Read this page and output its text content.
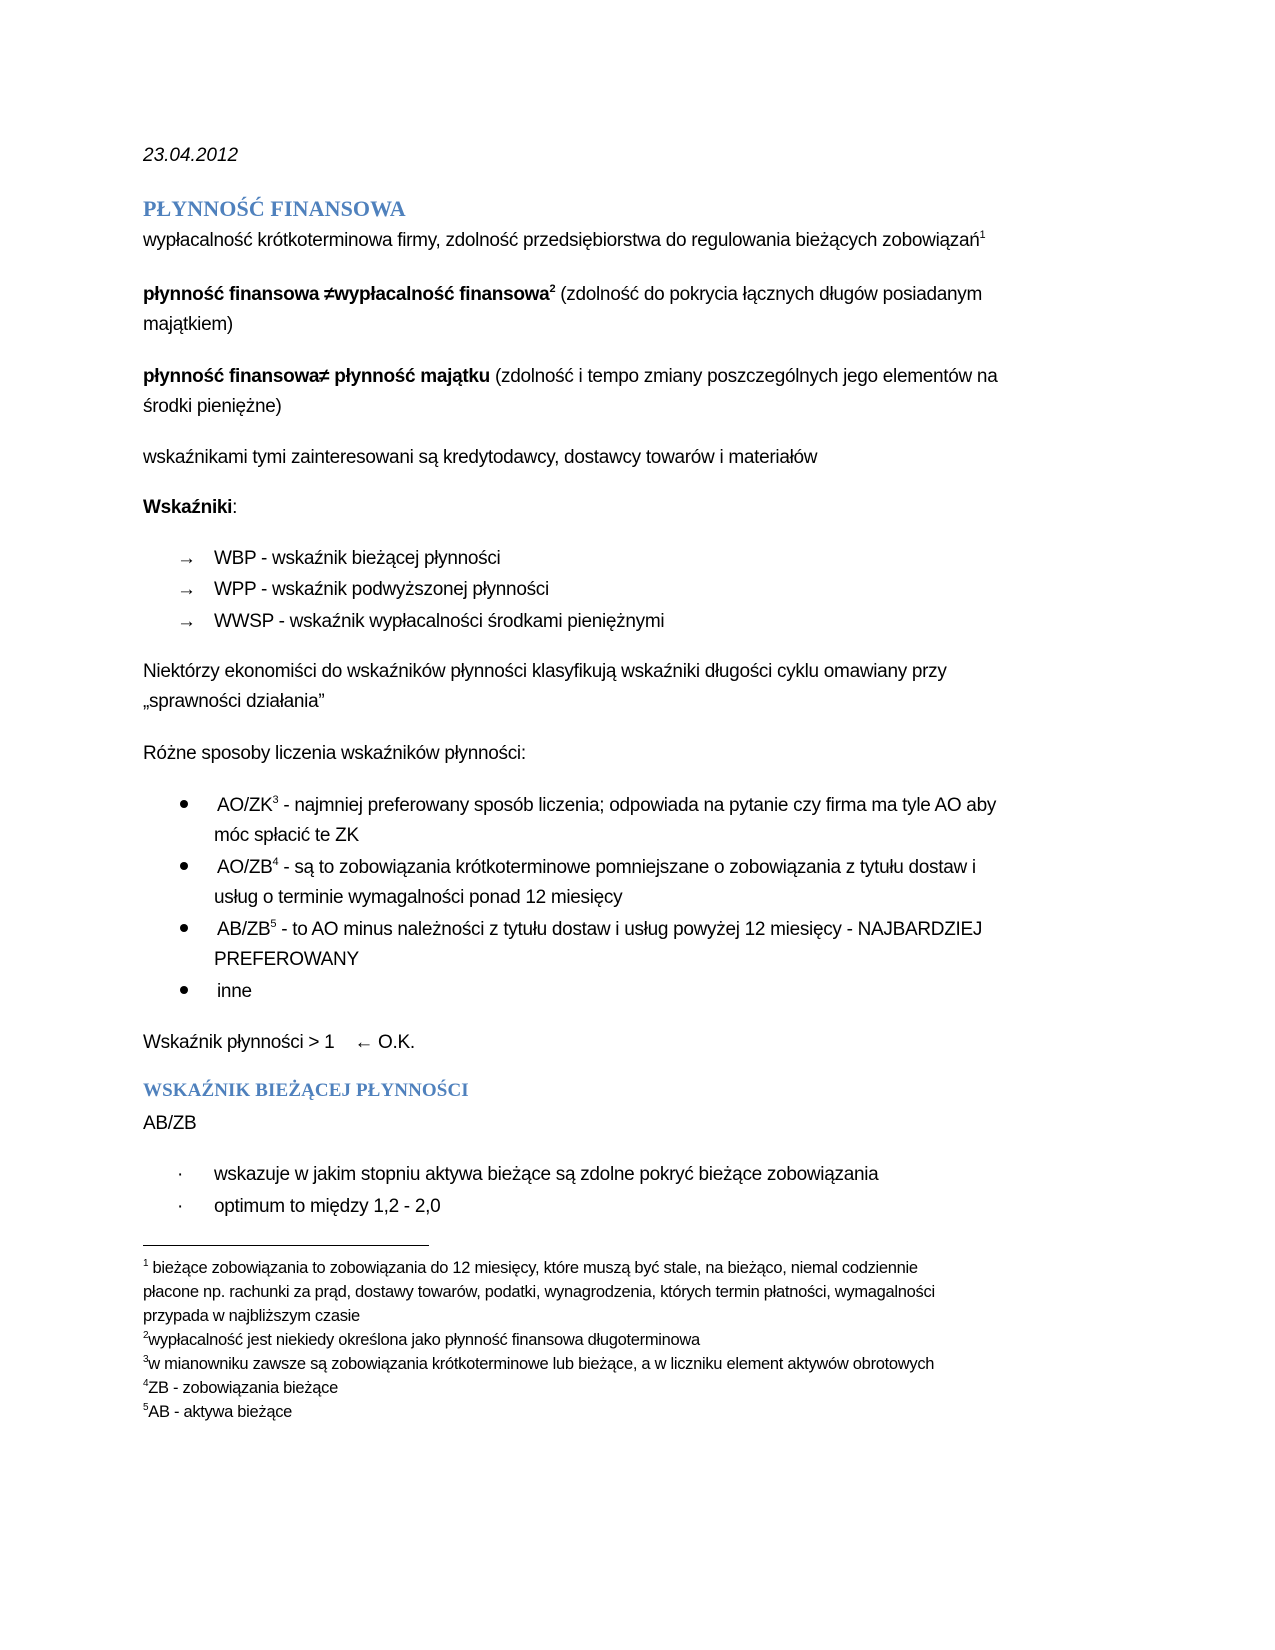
23.04.2012
PŁYNNOŚĆ FINANSOWA
wypłacalność krótkoterminowa firmy, zdolność przedsiębiorstwa do regulowania bieżących zobowiązań$^1$
płynność finansowa ≠wypłacalność finansowa$^2$ (zdolność do pokrycia łącznych długów posiadanym
majątkiem)
płynność finansowa≠ płynność majątku (zdolność i tempo zmiany poszczególnych jego elementów na
środki pieniężne)
wskaźnikami tymi zainteresowani są kredytodawcy, dostawcy towarów i materiałów
Wskaźniki:
→ WBP - wskaźnik bieżącej płynności
→ WPP - wskaźnik podwyższonej płynności
→ WWSP - wskaźnik wypłacalności środkami pieniężnymi
Niektórzy ekonomiści do wskaźników płynności klasyfikują wskaźniki długości cyklu omawiany przy
„sprawności działania”
Różne sposoby liczenia wskaźników płynności:
$AO/ZK^3$ - najmniej preferowany sposób liczenia; odpowiada na pytanie czy firma ma tyle AO aby
móc spłacić te ZK
$AO/ZB^4$ - są to zobowiązania krótkoterminowe pomniejszane o zobowiązania z tytułu dostaw i
usług o terminie wymagalności ponad 12 miesięcy
$AB/ZB^5$ - to AO minus należności z tytułu dostaw i usług powyżej 12 miesięcy - NAJBARDZIEJ
PREFEROWANY
inne
Wskaźnik płynności > 1    ← O.K.
WSKAŹNIK BIEŻĄCEJ PŁYNNOŚCI
AB/ZB
· wskazuje w jakim stopniu aktywa bieżące są zdolne pokryć bieżące zobowiązania
· optimum to między 1,2 - 2,0
$^1$ bieżące zobowiązania to zobowiązania do 12 miesięcy, które muszą być stale, na bieżąco, niemal codziennie
płacone np. rachunki za prąd, dostawy towarów, podatki, wynagrodzenia, których termin płatności, wymagalności
przypada w najbliższym czasie
$^2$wypłacalność jest niekiedy określona jako płynność finansowa długoterminowa
$^3$w mianowniku zawsze są zobowiązania krótkoterminowe lub bieżące, a w liczniku element aktywów obrotowych
$^4$ZB - zobowiązania bieżące
$^5$AB - aktywa bieżące
